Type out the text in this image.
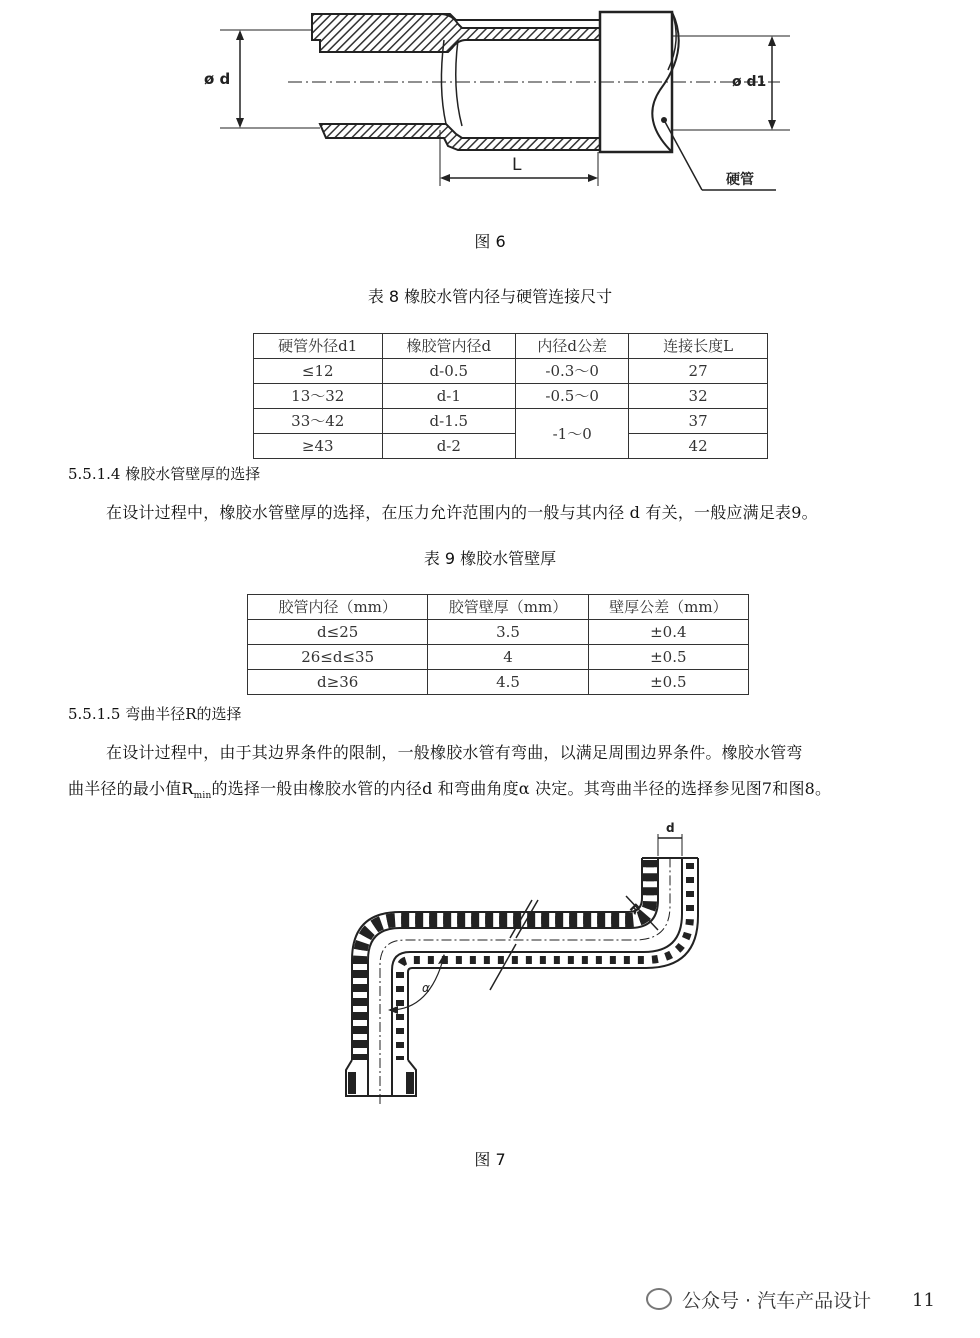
ø d	ø d1
L
硬管
图 6
表 8 橡胶水管内径与硬管连接尺寸
硬管外径d1	橡胶管内径d	内径d公差	连接长度L
≤12	d-0.5	-0.3～0	27
13～32	d-1	-0.5～0	32
33～42	d-1.5	-1～0	37
≥43	d-2		42
5.5.1.4 橡胶水管壁厚的选择
在设计过程中，橡胶水管壁厚的选择，在压力允许范围内的一般与其内径 d 有关，一般应满足表9。
表 9 橡胶水管壁厚
胶管内径（mm）	胶管壁厚（mm）	壁厚公差（mm）
d≤25	3.5	±0.4
26≤d≤35	4	±0.5
d≥36	4.5	±0.5
5.5.1.5 弯曲半径R的选择
在设计过程中，由于其边界条件的限制，一般橡胶水管有弯曲，以满足周围边界条件。橡胶水管弯
曲半径的最小值$R_{min}$的选择一般由橡胶水管的内径d 和弯曲角度α 决定。其弯曲半径的选择参见图7和图8。
d
R
α
图 7
公众号 · 汽车产品设计 11
